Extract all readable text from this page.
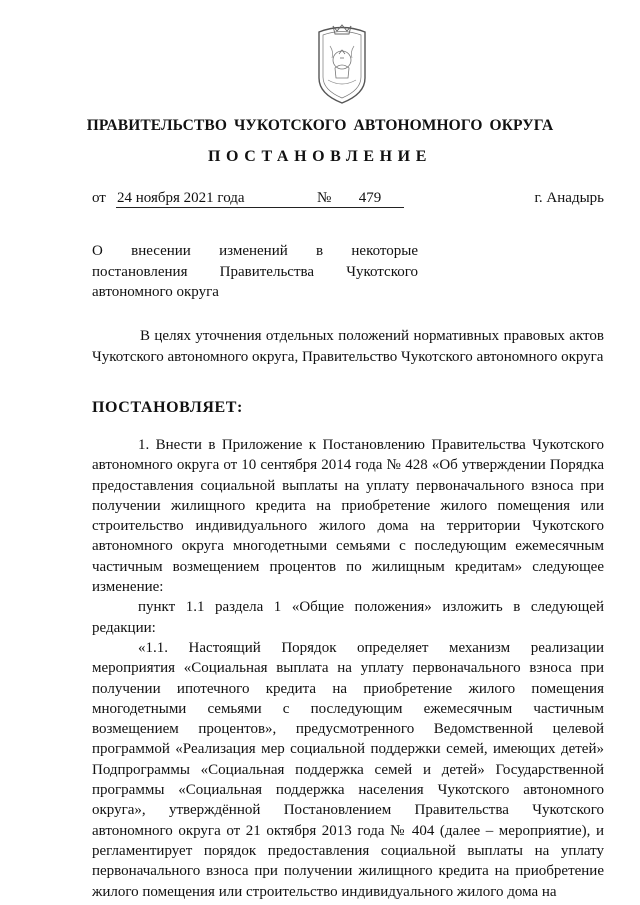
ПРАВИТЕЛЬСТВО ЧУКОТСКОГО АВТОНОМНОГО ОКРУГА
ПОСТАНОВЛЕНИЕ
от 24 ноября 2021 года	№	479	г. Анадырь
О внесении изменений в некоторые постановления Правительства Чукотского автономного округа
В целях уточнения отдельных положений нормативных правовых актов Чукотского автономного округа, Правительство Чукотского автономного округа
ПОСТАНОВЛЯЕТ:

1. Внести в Приложение к Постановлению Правительства Чукотского автономного округа от 10 сентября 2014 года № 428 «Об утверждении Порядка предоставления социальной выплаты на уплату первоначального взноса при получении жилищного кредита на приобретение жилого помещения или строительство индивидуального жилого дома на территории Чукотского автономного округа многодетными семьями с последующим ежемесячным частичным возмещением процентов по жилищным кредитам» следующее изменение:

пункт 1.1 раздела 1 «Общие положения» изложить в следующей редакции:

«1.1. Настоящий Порядок определяет механизм реализации мероприятия «Социальная выплата на уплату первоначального взноса при получении ипотечного кредита на приобретение жилого помещения многодетными семьями с последующим ежемесячным частичным возмещением процентов», предусмотренного Ведомственной целевой программой «Реализация мер социальной поддержки семей, имеющих детей» Подпрограммы «Социальная поддержка семей и детей» Государственной программы «Социальная поддержка населения Чукотского автономного округа», утверждённой Постановлением Правительства Чукотского автономного округа от 21 октября 2013 года № 404 (далее – мероприятие), и регламентирует порядок предоставления социальной выплаты на уплату первоначального взноса при получении жилищного кредита на приобретение жилого помещения или строительство индивидуального жилого дома на
